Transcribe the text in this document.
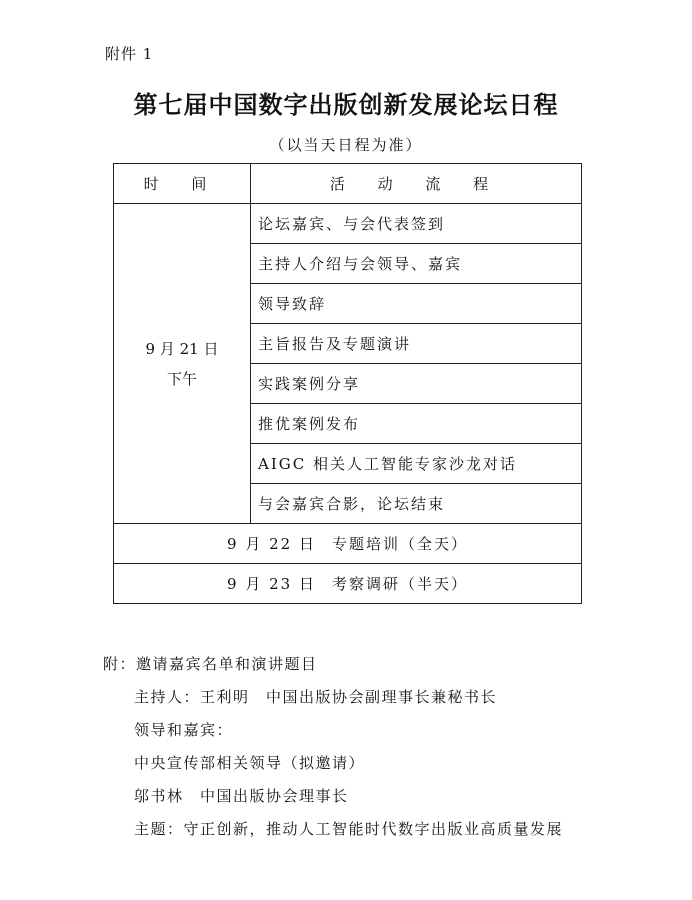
附件 1
第七届中国数字出版创新发展论坛日程
（以当天日程为准）
时 间	活 动 流 程

9 月 21 日
下午	论坛嘉宾、与会代表签到
	主持人介绍与会领导、嘉宾
	领导致辞
	主旨报告及专题演讲
	实践案例分享
	推优案例发布
	AIGC 相关人工智能专家沙龙对话
	与会嘉宾合影，论坛结束
9 月 22 日 专题培训（全天）	
9 月 23 日 考察调研（半天）	
附：邀请嘉宾名单和演讲题目
主持人：王利明　中国出版协会副理事长兼秘书长
领导和嘉宾：
中央宣传部相关领导（拟邀请）
邬书林　中国出版协会理事长
主题：守正创新，推动人工智能时代数字出版业高质量发展
